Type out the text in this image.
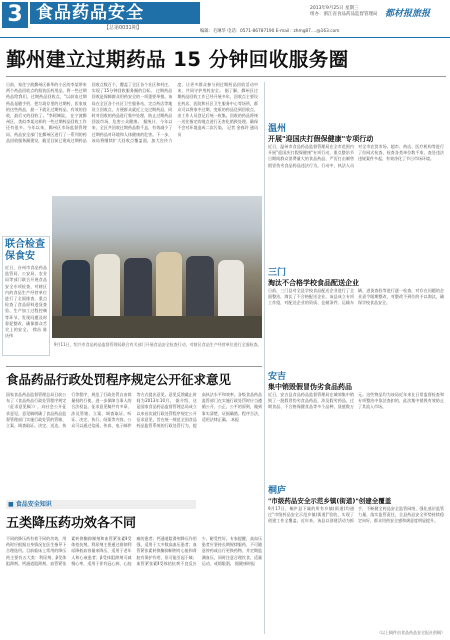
3 食品药品安全
【总第0031期】
2013年9月25日 星期三
组办：浙江省食品药品监督管理局 都材报旅报
编辑：毛琳华 电话：0571-86787190 E-mail：zhmg87....@163.com
鄞州建立过期药品 15 分钟回收服务圈
日前，家住宁波鄞州区新华的小区的李某带来两个药品回收点的瓶装医药用品，将一些过期药品给我们，过期药品回收点，"以前家过期药品是随手扔，把垃圾存里的过期药，医家放的这些药品，最一下就让过期药品，有效的回收，最后又的回收了。"李阿姨说。 在宁波鄞州区，类似李某这样的一些过期药品回收工作还有很多。今年以来，鄞州区市场监督管理局、药品安全部门在鄞州区进行了一系列的药品回收服务圈建设，截至目前已建成过期药品回收点数百个，覆盖了全区各个社区和村庄，实现了15分钟回收服务圈的目标。 过期药品回收是保障群众用药安全的一项重要举措。该局在全区各个社区卫生服务站、定点药店等地设立回收点，方便群众就近上交过期药品，同时对回收的药品进行集中处理，防止过期药品回流市场，危害公众健康。 据统计，今年以来，全区共回收过期药品数千盒，有效减少了过期药品对环境和人体健康的危害。下一步，该局将继续扩大回收点覆盖面，加大宣传力度，让更多群众参与到过期药品回收活动中来，共同守护用药安全。 据了解，鄞州区过期药品回收工作已经开展多年，回收点主要设在药店、医院和社区卫生服务中心等场所，群众可以将家中过期、变质的药品送到回收点，由工作人员登记后统一收集。回收的药品将统一送往指定的地点进行无害化销毁处理，确保不会对环境造成二次污染。 记者 金春玲 通讯员
联合检查 保食安
近日，台州市食品药品监管局、公安局、农业局等部门联合开展食品安全专项检查，对辖区内的食品生产经营单位进行了全面排查，重点检查了食品原料进货查验、生产加工过程控制等环节，发现问题及时督促整改，确保群众舌尖上的安全。 徐昌 陈庆伟
9月11日，绍兴市食品药品监督管理局联合有关部门开展食品安全检查行动，对辖区食品生产经营单位进行全面检查。
食品药品行政处罚程序规定公开征求意见
国家食品药品监督管理总局日前公布了《食品药品行政处罚程序规定（征求意见稿）》，向社会公开征求意见。意见稿明确了食品药品监督管理部门实施行政处罚的管辖、立案、调查取证、决定、送达、执行等程序，规范了行政处罚自由裁量权的行使，进一步保障当事人的合法权益。征求意见稿共有多章，涉及管辖、立案、调查取证、听证、决定、执行、结案等内容。公众可以通过信函、传真、电子邮件等方式提出意见，意见反馈截止时间为2013年10月。 据介绍，这是国家食品药品监督管理总局成立以来首次就行政处罚程序规定公开征求意见，旨在统一规范全国食品药品监管系统的行政处罚行为，提高执法水平和效率。各级食品药品监管部门在实施行政处罚时应当遵循公开、公正、公平的原则，做到事实清楚、证据确凿、程序合法、适用法律正确。 本报
■ 食品安全知识
五类降压药功效各不同
不同的降压药有着不同的功效，用药时应根据自身情况在医生指导下合理选用。目前临床上常用的降压药主要有五大类：利尿剂、β受体阻滞剂、钙通道阻滞剂、血管紧张素转换酶抑制剂和血管紧张素Ⅱ受体拮抗剂。利尿剂主要通过排钠利尿降低血容量来降压，适用于老年人和心衰患者；β受体阻滞剂可减慢心率，适用于伴有冠心病、心绞痛的患者；钙通道阻滞剂降压作用强，适用于大多数高血压患者；血管紧张素转换酶抑制剂对心脏和肾脏有保护作用，但可能引起干咳；血管紧张素Ⅱ受体拮抗剂不良反应少，耐受性好。专家提醒，高血压患者应坚持长期规律服药，不可随意停药或自行更换药物，并定期监测血压，同时注意合理饮食、适量运动、戒烟限酒。 据健康时报
温州
开展"迎国庆打假保健康"专项行动
近日，温州市食品药品监督管理局在全市范围内开展"迎国庆打假保健康"专项行动，重点整治节日期间群众消费量大的食品药品，严厉打击制售假冒伪劣食品药品违法行为。行动中，执法人员对全市农贸市场、超市、药店、医疗机构等进行了拉网式检查，检查各类单位数千家，查处违法违规案件多起，有效净化了节日市场环境。
三门
淘汰不合格学校食品配送企业
日前，三门县对全县学校食品配送企业进行了全面整治，淘汰了不合格配送企业。该县成立专项工作组，对配送企业的资质、仓储条件、运输车辆、进货查验等进行逐一检查，对存在问题的企业责令限期整改，对整改不到位的予以淘汰，确保学校食品安全。
安吉
集中销毁假冒伪劣食品药品
近日，安吉县食品药品监督管理局在城郊集中销毁了一批假冒伪劣食品药品，涉及假劣药品、过期食品、不合格保健食品等多个品种，货值数万元。这些物品均为该局近年来在日常监督检查和专项整治中依法查扣的，此次集中销毁有效防止了其流入市场。
桐庐
"市级药品安全示范乡镇(街道)"创建全覆盖
9月17日，桐庐县下属的所有乡镇(街道)均通过"市级药品安全示范乡镇(街道)"验收，实现了创建工作全覆盖。近年来，该县以创建活动为抓手，不断健全药品安全监管网络，强化基层监管力量，落实监管责任，全县药品安全形势持续稳定向好，群众用药安全感和满意度明显提升。
（以上稿件由食品药品安全报社供稿）
